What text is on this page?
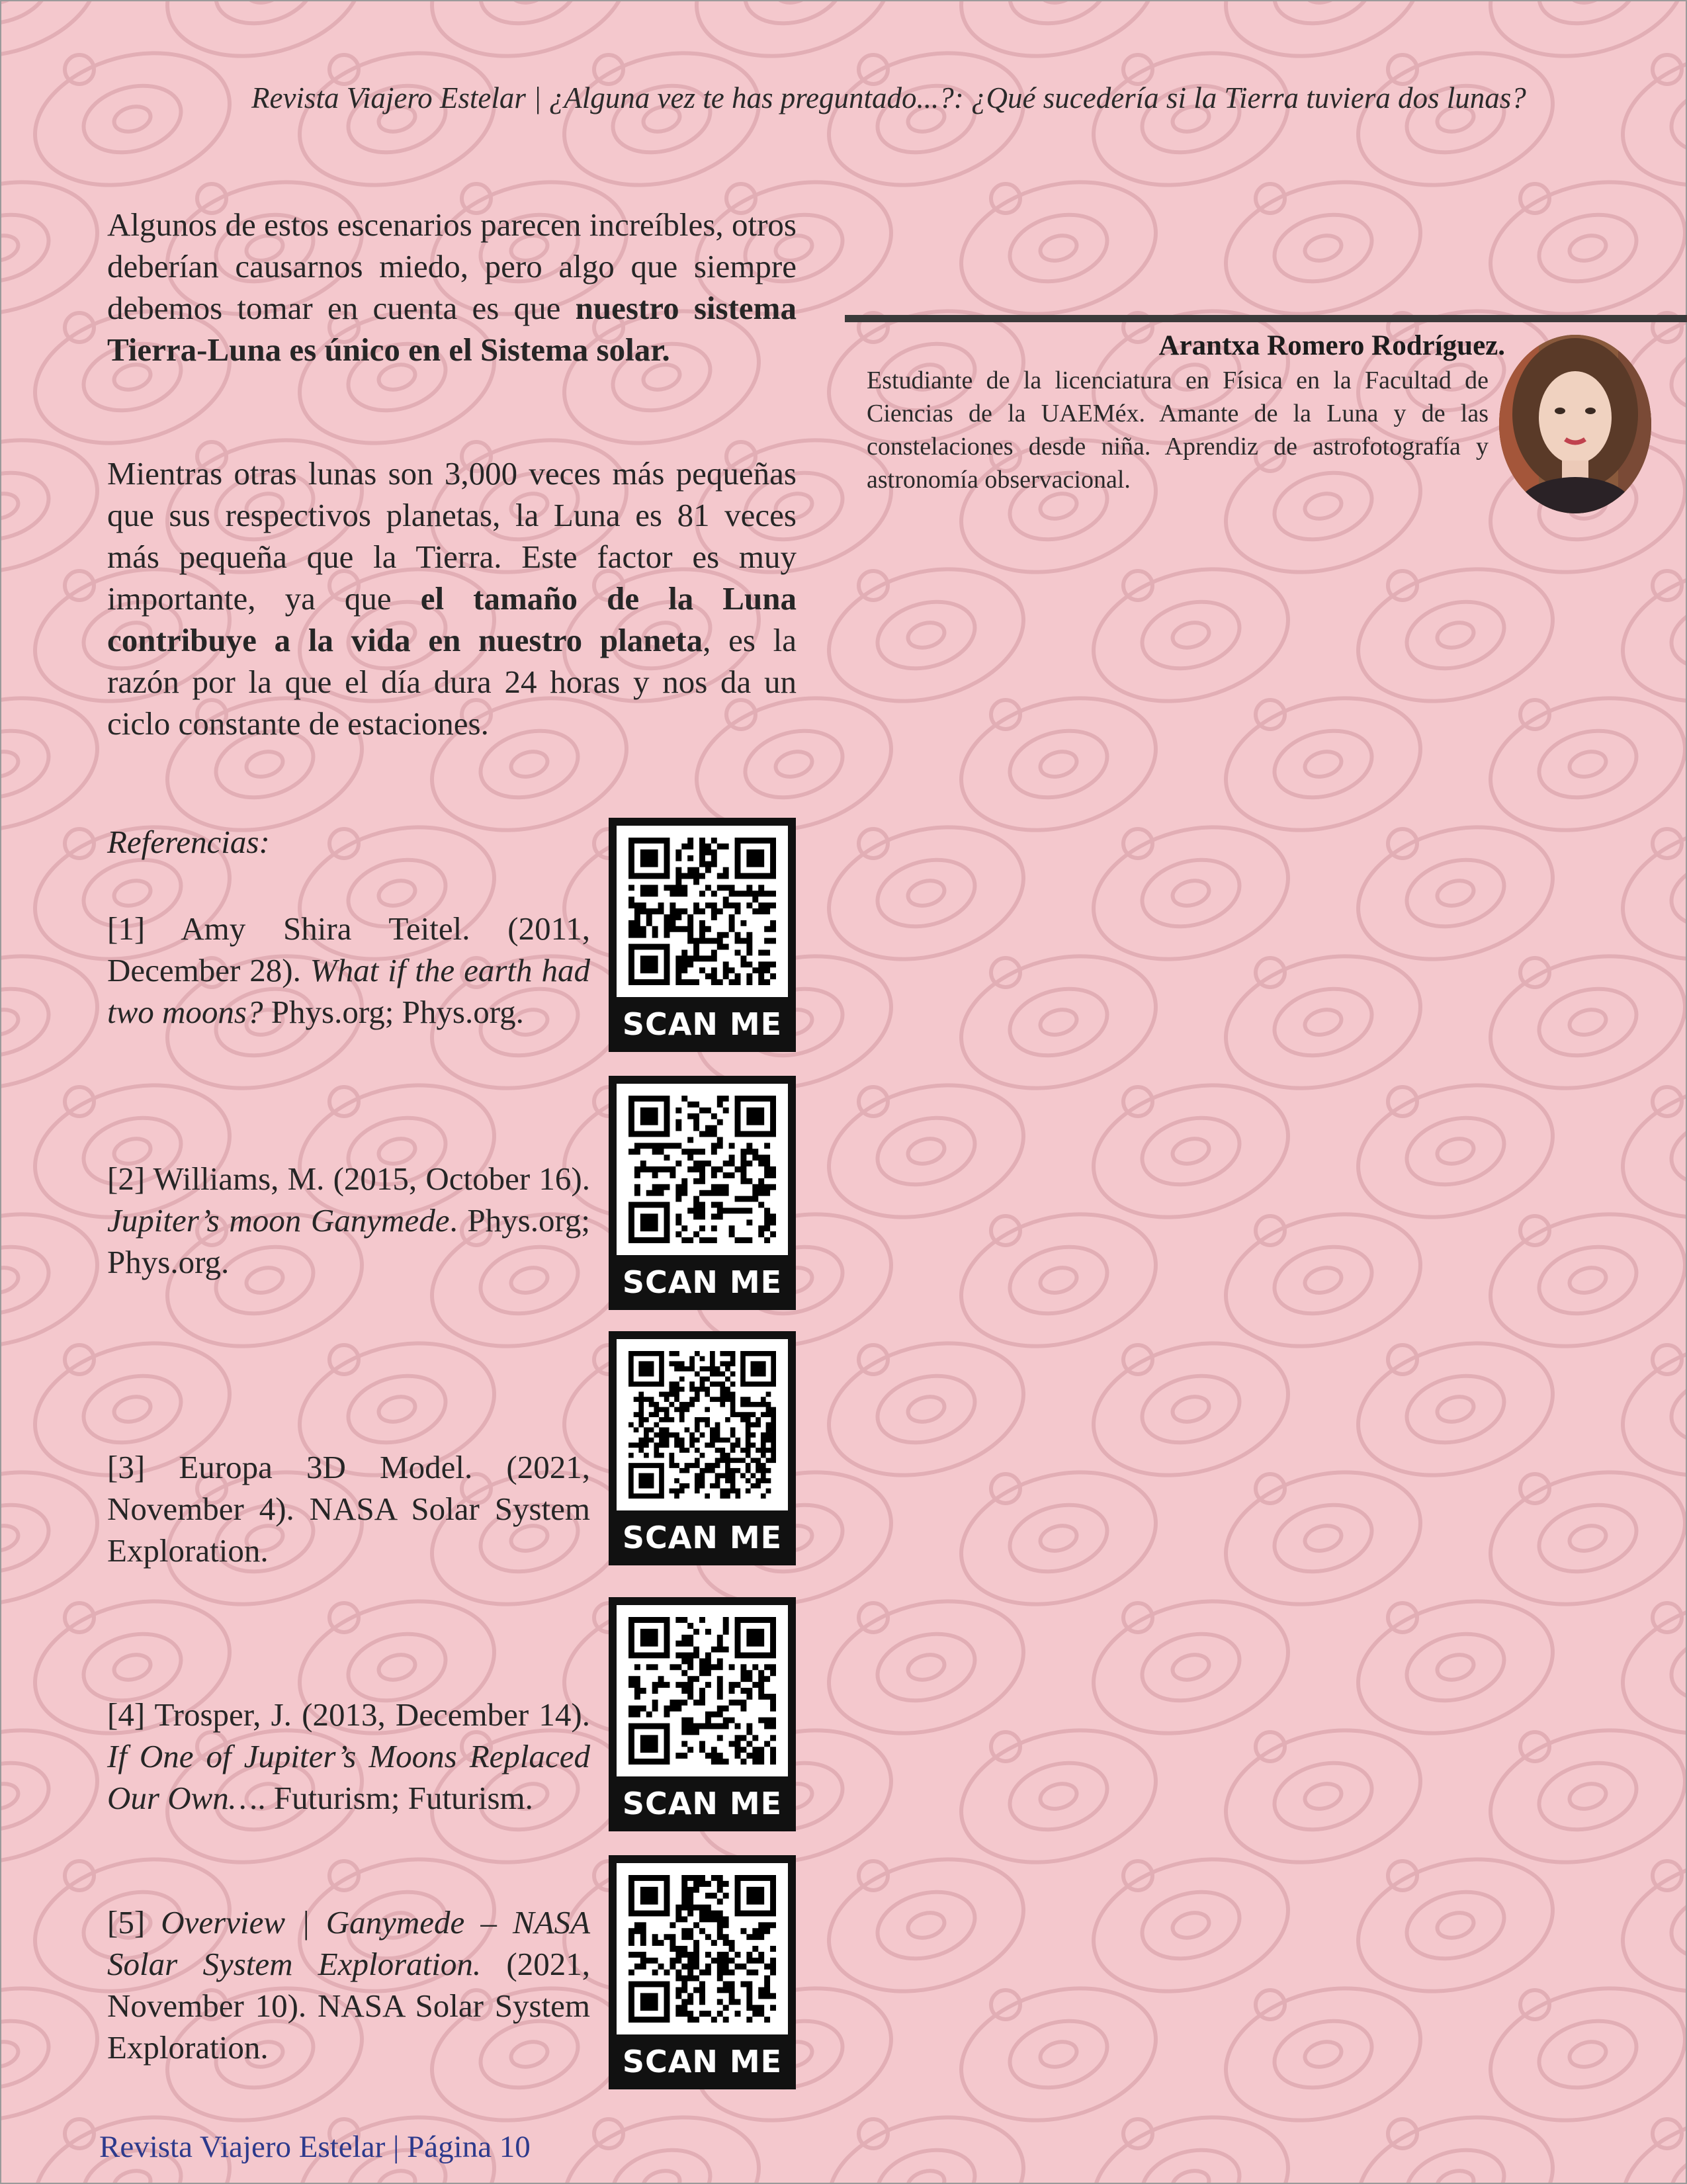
Revista Viajero Estelar | ¿Alguna vez te has preguntado...?: ¿Qué sucedería si la Tierra tuviera dos lunas?

Algunos de estos escenarios parecen increíbles, otros deberían causarnos miedo, pero algo que siempre debemos tomar en cuenta es que nuestro sistema Tierra-Luna es único en el Sistema solar.

Mientras otras lunas son 3,000 veces más pequeñas que sus respectivos planetas, la Luna es 81 veces más pequeña que la Tierra. Este factor es muy importante, ya que el tamaño de la Luna contribuye a la vida en nuestro planeta, es la razón por la que el día dura 24 horas y nos da un ciclo constante de estaciones.

Referencias:
[1] Amy Shira Teitel. (2011, December 28). What if the earth had two moons? Phys.org; Phys.org.
[2] Williams, M. (2015, October 16). Jupiter’s moon Ganymede. Phys.org; Phys.org.
[3] Europa 3D Model. (2021, November 4). NASA Solar System Exploration.
[4] Trosper, J. (2013, December 14). If One of Jupiter’s Moons Replaced Our Own…. Futurism; Futurism.
[5] Overview | Ganymede – NASA Solar System Exploration. (2021, November 10). NASA Solar System Exploration.
SCAN ME
SCAN ME
SCAN ME
SCAN ME
SCAN ME
Arantxa Romero Rodríguez.
Estudiante de la licenciatura en Física en la Facultad de Ciencias de la UAEMéx. Amante de la Luna y de las constelaciones desde niña. Aprendiz de astrofotografía y astronomía observacional.
Revista Viajero Estelar | Página 10
